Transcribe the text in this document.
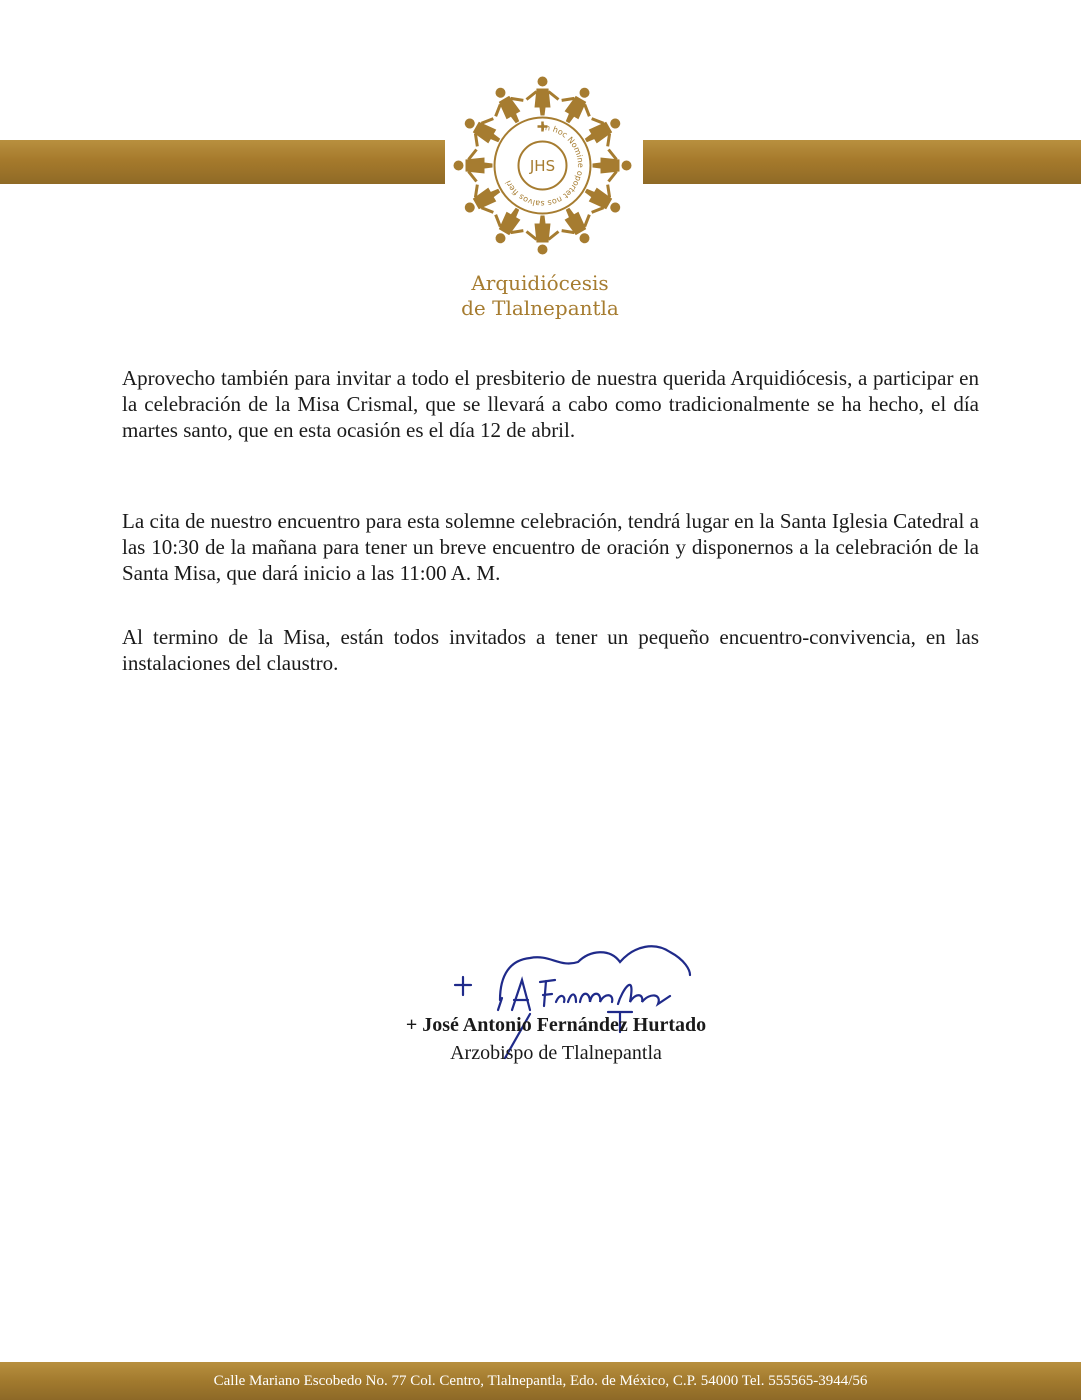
In hoc Nomine oportet nos salvos fieri
JHS
Arquidiócesis
de Tlalnepantla

Aprovecho también para invitar a todo el presbiterio de nuestra querida Arquidiócesis, a participar en la celebración de la Misa Crismal, que se llevará a cabo como tradicionalmente se ha hecho, el día martes santo, que en esta ocasión es el día 12 de abril.

La cita de nuestro encuentro para esta solemne celebración, tendrá lugar en la Santa Iglesia Catedral a las 10:30 de la mañana para tener un breve encuentro de oración y disponernos a la celebración de la Santa Misa, que dará inicio a las 11:00 A. M.

Al termino de la Misa, están todos invitados a tener un pequeño encuentro-convivencia, en las instalaciones del claustro.

+ José Antonio Fernández Hurtado

Arzobispo de Tlalnepantla

Calle Mariano Escobedo No. 77 Col. Centro, Tlalnepantla, Edo. de México, C.P. 54000 Tel. 555565-3944/56
